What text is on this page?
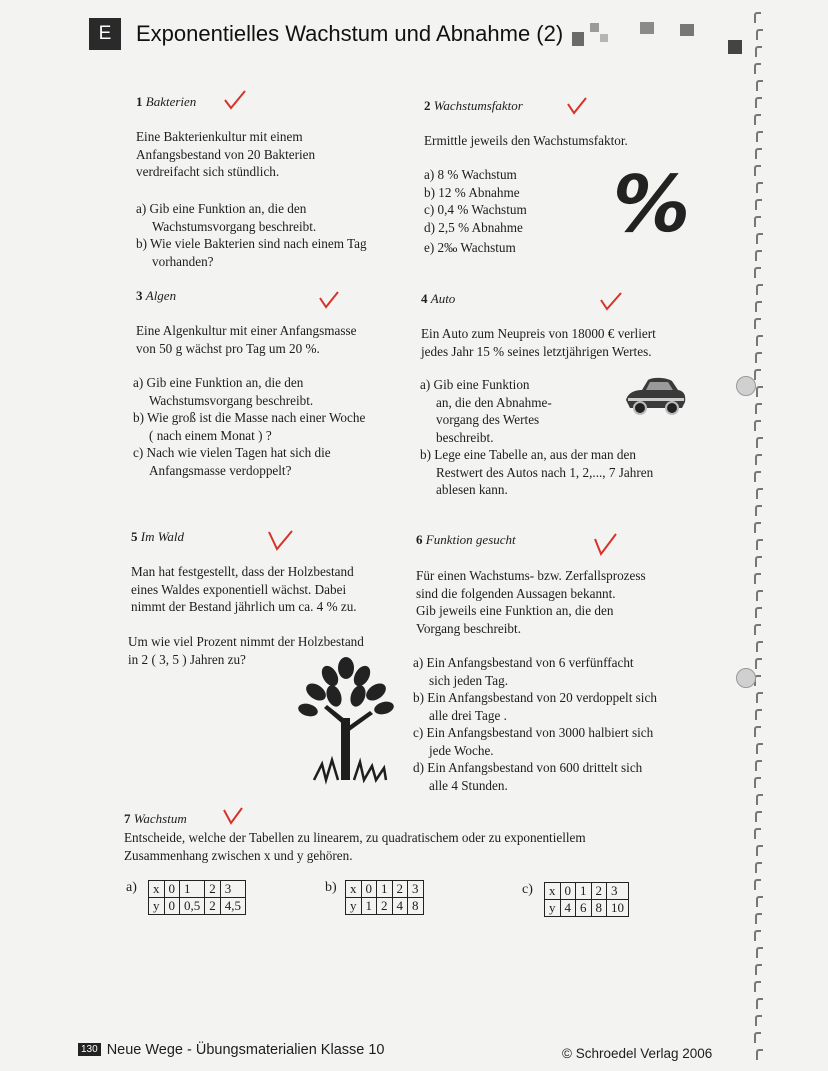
E	Exponentielles Wachstum und Abnahme (2)
1 Bakterien
Eine Bakterienkultur mit einem
Anfangsbestand von 20 Bakterien
verdreifacht sich stündlich.
a) Gib eine Funktion an, die den
Wachstumsvorgang beschreibt.
b) Wie viele Bakterien sind nach einem Tag
vorhanden?
2 Wachstumsfaktor
Ermittle jeweils den Wachstumsfaktor.
a) 8 % Wachstum
b) 12 % Abnahme
c) 0,4 % Wachstum
d) 2,5 % Abnahme
e) 2‰ Wachstum %
3 Algen
Eine Algenkultur mit einer Anfangsmasse
von 50 g wächst pro Tag um 20 %.
a) Gib eine Funktion an, die den
Wachstumsvorgang beschreibt.
b) Wie groß ist die Masse nach einer Woche
( nach einem Monat ) ?
c) Nach wie vielen Tagen hat sich die
Anfangsmasse verdoppelt?
4 Auto
Ein Auto zum Neupreis von 18000 € verliert
jedes Jahr 15 % seines letztjährigen Wertes.
a) Gib eine Funktion
an, die den Abnahme-
vorgang des Wertes
beschreibt.
b) Lege eine Tabelle an, aus der man den
Restwert des Autos nach 1, 2,..., 7 Jahren
ablesen kann.
5 Im Wald
Man hat festgestellt, dass der Holzbestand
eines Waldes exponentiell wächst. Dabei
nimmt der Bestand jährlich um ca. 4 % zu.
Um wie viel Prozent nimmt der Holzbestand
in 2 ( 3, 5 ) Jahren zu?
6 Funktion gesucht
Für einen Wachstums- bzw. Zerfallsprozess
sind die folgenden Aussagen bekannt.
Gib jeweils eine Funktion an, die den
Vorgang beschreibt.
a) Ein Anfangsbestand von 6 verfünffacht
sich jeden Tag.
b) Ein Anfangsbestand von 20 verdoppelt sich
alle drei Tage .
c) Ein Anfangsbestand von 3000 halbiert sich
jede Woche.
d) Ein Anfangsbestand von 600 drittelt sich
alle 4 Stunden.
7 Wachstum
Entscheide, welche der Tabellen zu linearem, zu quadratischem oder zu exponentiellem
Zusammenhang zwischen x und y gehören.
a) x	0	1	2	3
y	0	0,5	2	4,5
b) x	0	1	2	3
y	1	2	4	8
c) x	0	1	2	3
y	4	6	8	10
130 Neue Wege - Übungsmaterialien Klasse 10	© Schroedel Verlag 2006
